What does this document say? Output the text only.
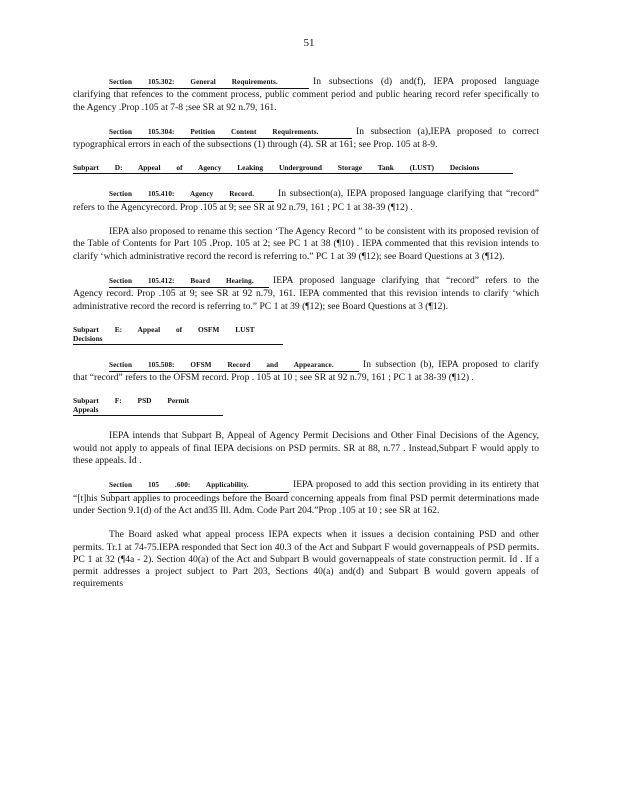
51

Section 105.302: General Requirements.	In subsections (d) and(f), IEPA proposed language clarifying that refences to the comment process, public comment period and public hearing record refer specifically to the Agency .Prop .105 at 7-8 ;see SR at 92 n.79, 161.

Section 105.304: Petition Content Requirements.	In subsection (a),IEPA proposed to correct typographical errors in each of the subsections (1) through (4). SR at 161; see Prop. 105 at 8-9.

Subpart D: Appeal of Agency Leaking Underground Storage Tank (LUST) Decisions

Section 105.410: Agency Record. In subsection(a), IEPA proposed language clarifying that “record” refers to the Agencyrecord. Prop .105 at 9; see SR at 92 n.79, 161 ; PC 1 at 38-39 (¶12) .

IEPA also proposed to rename this section ‘The Agency Record ” to be consistent with its proposed revision of the Table of Contents for Part 105 .Prop. 105 at 2; see PC 1 at 38 (¶10) . IEPA commented that this revision intends to clarify ‘which administrative record the record is referring to.” PC 1 at 39 (¶12); see Board Questions at 3 (¶12).

Section 105.412: Board Hearing. IEPA proposed language clarifying that “record” refers to the Agency record. Prop .105 at 9; see SR at 92 n.79, 161. IEPA commented that this revision intends to clarify ‘which administrative record the record is referring to.” PC 1 at 39 (¶12); see Board Questions at 3 (¶12).

Subpart E: Appeal of OSFM LUST Decisions

Section 105.508: OFSM Record and Appearance.	In subsection (b), IEPA proposed to clarify that “record” refers to the OFSM record. Prop . 105 at 10 ; see SR at 92 n.79, 161 ; PC 1 at 38-39 (¶12) .

Subpart F: PSD Permit Appeals

IEPA intends that Subpart B, Appeal of Agency Permit Decisions and Other Final Decisions of the Agency, would not apply to appeals of final IEPA decisions on PSD permits. SR at 88, n.77 . Instead,Subpart F would apply to these appeals. Id .

Section 105 .600: Applicability.	IEPA proposed to add this section providing in its entirety that “[t]his Subpart applies to proceedings before the Board concerning appeals from final PSD permit determinations made under Section 9.1(d) of the Act and35 Ill. Adm. Code Part 204.”Prop .105 at 10 ; see SR at 162.

The Board asked what appeal process IEPA expects when it issues a decision containing PSD and other permits. Tr.1 at 74-75.IEPA responded that Sect ion 40.3 of the Act and Subpart F would governappeals of PSD permits. PC 1 at 32 (¶4a - 2). Section 40(a) of the Act and Subpart B would governappeals of state construction permit. Id . If a permit addresses a project subject to Part 203, Sections 40(a) and(d) and Subpart B would govern appeals of requirements
